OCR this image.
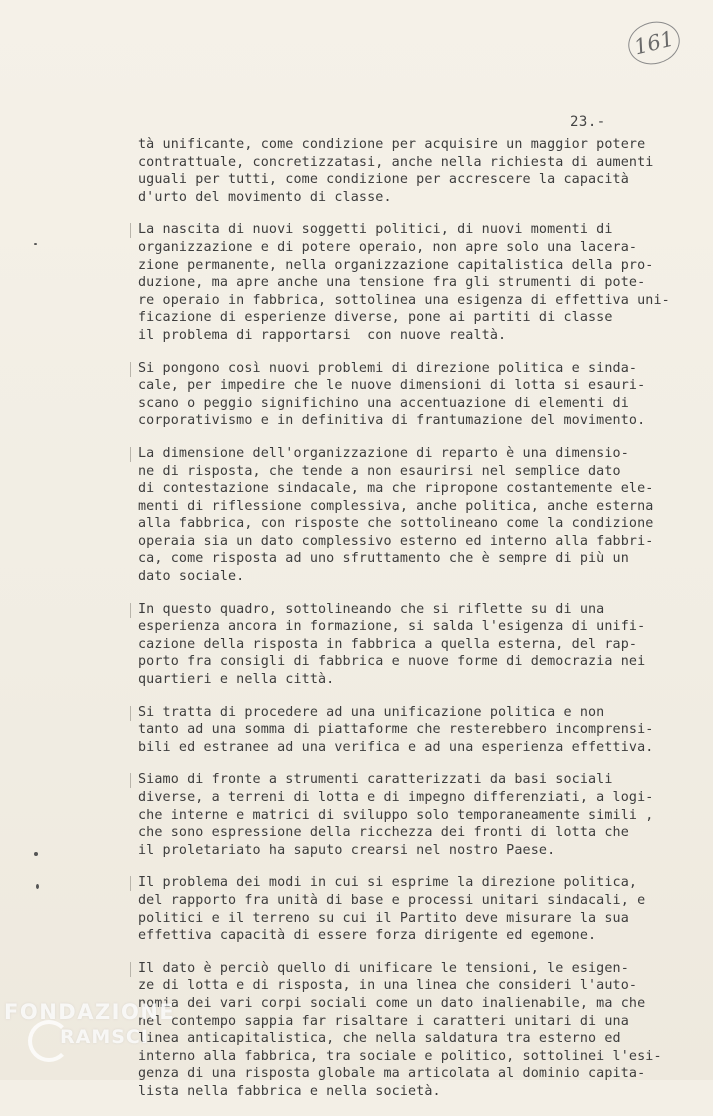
161
23.-
tà unificante, come condizione per acquisire un maggior potere
contrattuale, concretizzatasi, anche nella richiesta di aumenti
uguali per tutti, come condizione per accrescere la capacità
d'urto del movimento di classe.
La nascita di nuovi soggetti politici, di nuovi momenti di
organizzazione e di potere operaio, non apre solo una lacera-
zione permanente, nella organizzazione capitalistica della pro-
duzione, ma apre anche una tensione fra gli strumenti di pote-
re operaio in fabbrica, sottolinea una esigenza di effettiva uni-
ficazione di esperienze diverse, pone ai partiti di classe
il problema di rapportarsi  con nuove realtà.
Si pongono così nuovi problemi di direzione politica e sinda-
cale, per impedire che le nuove dimensioni di lotta si esauri-
scano o peggio significhino una accentuazione di elementi di
corporativismo e in definitiva di frantumazione del movimento.
La dimensione dell'organizzazione di reparto è una dimensio-
ne di risposta, che tende a non esaurirsi nel semplice dato
di contestazione sindacale, ma che ripropone costantemente ele-
menti di riflessione complessiva, anche politica, anche esterna
alla fabbrica, con risposte che sottolineano come la condizione
operaia sia un dato complessivo esterno ed interno alla fabbri-
ca, come risposta ad uno sfruttamento che è sempre di più un
dato sociale.
In questo quadro, sottolineando che si riflette su di una
esperienza ancora in formazione, si salda l'esigenza di unifi-
cazione della risposta in fabbrica a quella esterna, del rap-
porto fra consigli di fabbrica e nuove forme di democrazia nei
quartieri e nella città.
Si tratta di procedere ad una unificazione politica e non
tanto ad una somma di piattaforme che resterebbero incomprensi-
bili ed estranee ad una verifica e ad una esperienza effettiva.
Siamo di fronte a strumenti caratterizzati da basi sociali
diverse, a terreni di lotta e di impegno differenziati, a logi-
che interne e matrici di sviluppo solo temporaneamente simili ,
che sono espressione della ricchezza dei fronti di lotta che
il proletariato ha saputo crearsi nel nostro Paese.
Il problema dei modi in cui si esprime la direzione politica,
del rapporto fra unità di base e processi unitari sindacali, e
politici e il terreno su cui il Partito deve misurare la sua
effettiva capacità di essere forza dirigente ed egemone.
Il dato è perciò quello di unificare le tensioni, le esigen-
ze di lotta e di risposta, in una linea che consideri l'auto-
nomia dei vari corpi sociali come un dato inalienabile, ma che
nel contempo sappia far risaltare i caratteri unitari di una
linea anticapitalistica, che nella saldatura tra esterno ed
interno alla fabbrica, tra sociale e politico, sottolinei l'esi-
genza di una risposta globale ma articolata al dominio capita-
lista nella fabbrica e nella società.
FONDAZIONE
RAMSCI
